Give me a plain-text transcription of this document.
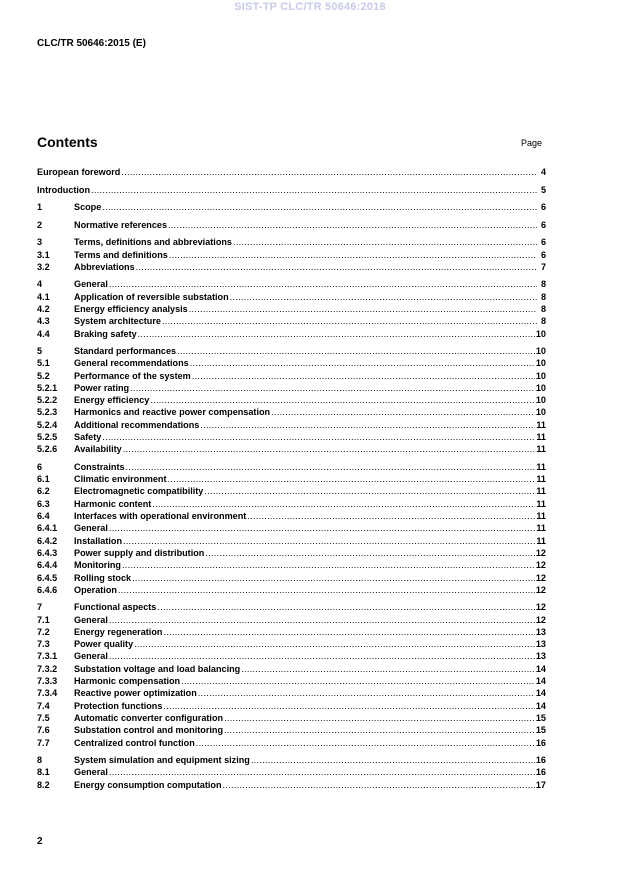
SIST-TP CLC/TR 50646:2018
CLC/TR 50646:2015 (E)
Contents	Page
European foreword .....	4
Introduction .....	5
1	Scope .....	6
2	Normative references .....	6
3	Terms, definitions and abbreviations .....	6
3.1	Terms and definitions .....	6
3.2	Abbreviations .....	7
4	General .....	8
4.1	Application of reversible substation .....	8
4.2	Energy efficiency analysis .....	8
4.3	System architecture .....	8
4.4	Braking safety .....	10
5	Standard performances .....	10
5.1	General recommendations .....	10
5.2	Performance of the system .....	10
5.2.1	Power rating .....	10
5.2.2	Energy efficiency .....	10
5.2.3	Harmonics and reactive power compensation .....	10
5.2.4	Additional recommendations .....	11
5.2.5	Safety .....	11
5.2.6	Availability .....	11
6	Constraints .....	11
6.1	Climatic environment .....	11
6.2	Electromagnetic compatibility .....	11
6.3	Harmonic content .....	11
6.4	Interfaces with operational environment .....	11
6.4.1	General .....	11
6.4.2	Installation .....	11
6.4.3	Power supply and distribution .....	12
6.4.4	Monitoring .....	12
6.4.5	Rolling stock .....	12
6.4.6	Operation .....	12
7	Functional aspects .....	12
7.1	General .....	12
7.2	Energy regeneration .....	13
7.3	Power quality .....	13
7.3.1	General .....	13
7.3.2	Substation voltage and load balancing .....	14
7.3.3	Harmonic compensation .....	14
7.3.4	Reactive power optimization .....	14
7.4	Protection functions .....	14
7.5	Automatic converter configuration .....	15
7.6	Substation control and monitoring .....	15
7.7	Centralized control function .....	16
8	System simulation and equipment sizing .....	16
8.1	General .....	16
8.2	Energy consumption computation .....	17
2
